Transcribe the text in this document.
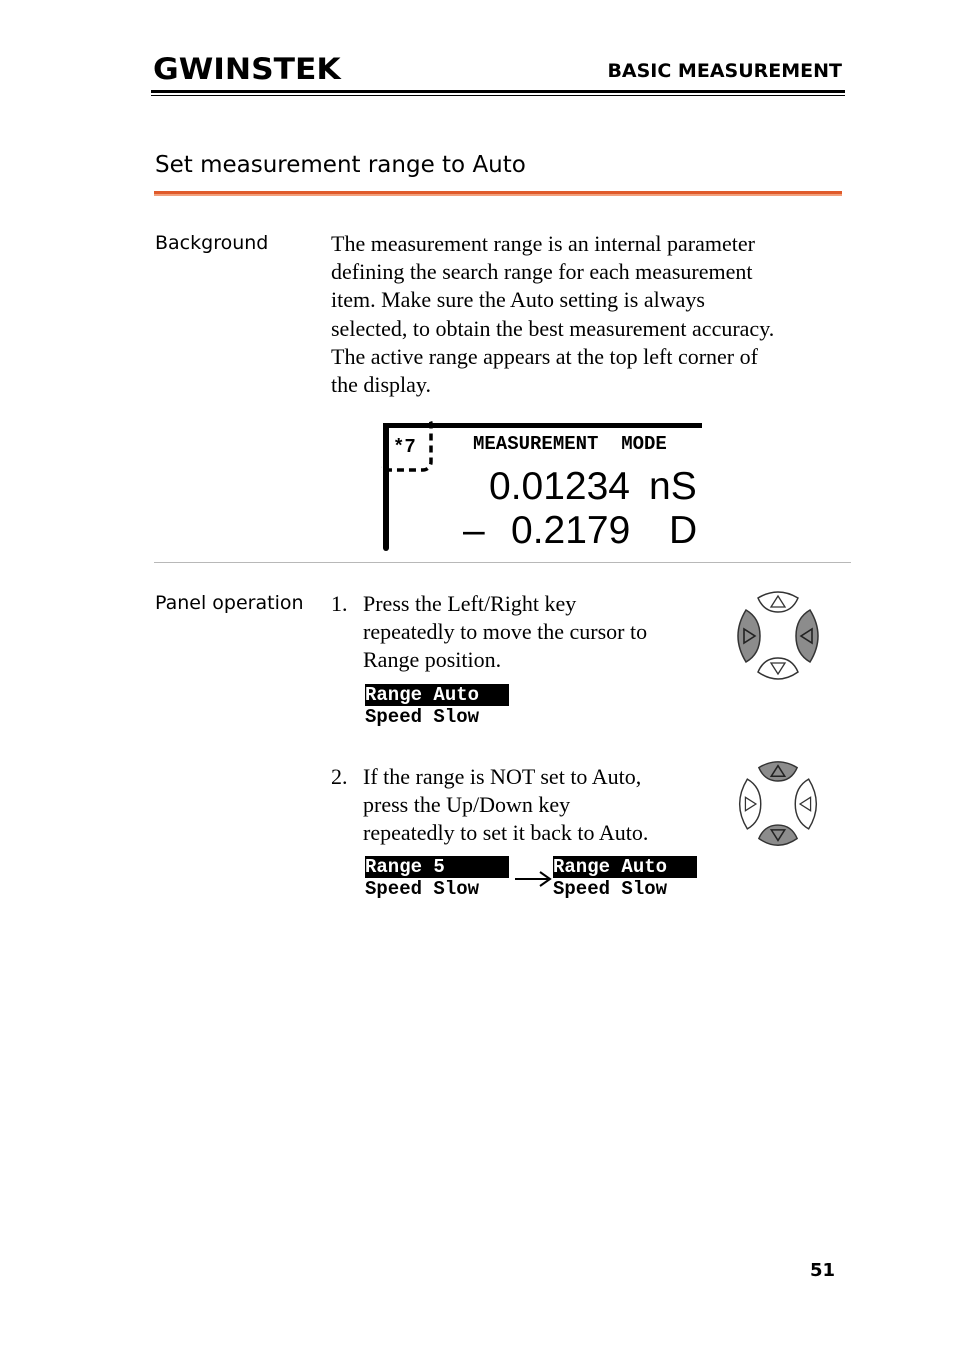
GWINSTEK	BASIC MEASUREMENT
Set measurement range to Auto
Background	The measurement range is an internal parameter
defining the search range for each measurement
item. Make sure the Auto setting is always
selected, to obtain the best measurement accuracy.
The active range appears at the top left corner of
the display.
*7	MEASUREMENT  MODE
0.01234 nS
– 0.2179 D
Panel operation 1. Press the Left/Right key
repeatedly to move the cursor to
Range position.
Range Auto
Speed Slow
2. If the range is NOT set to Auto,
press the Up/Down key
repeatedly to set it back to Auto.
Range 5
Speed Slow
Range Auto
Speed Slow
51
